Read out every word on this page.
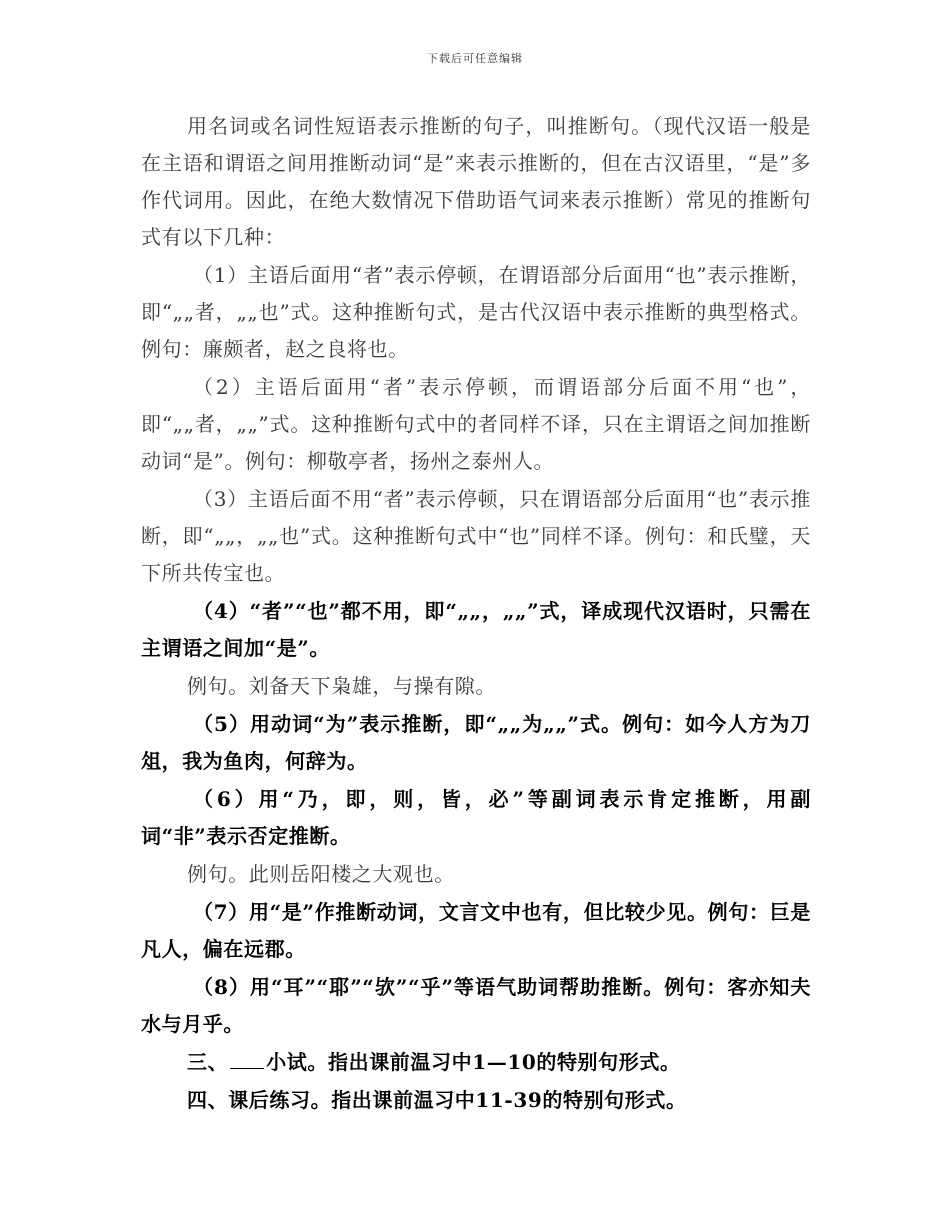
下载后可任意编辑

用名词或名词性短语表示推断的句子，叫推断句。（现代汉语一般是在主语和谓语之间用推断动词“是”来表示推断的，但在古汉语里，“是”多作代词用。因此，在绝大数情况下借助语气词来表示推断）常见的推断句式有以下几种：

（1）主语后面用“者”表示停顿，在谓语部分后面用“也”表示推断，即“„„者，„„也”式。这种推断句式，是古代汉语中表示推断的典型格式。例句：廉颇者，赵之良将也。

（2）主语后面用“者”表示停顿，而谓语部分后面不用“也”，即“„„者，„„”式。这种推断句式中的者同样不译，只在主谓语之间加推断动词“是”。例句：柳敬亭者，扬州之泰州人。

（3）主语后面不用“者”表示停顿，只在谓语部分后面用“也”表示推断，即“„„，„„也”式。这种推断句式中“也”同样不译。例句：和氏璧，天下所共传宝也。

（4）“者”“也”都不用，即“„„，„„”式，译成现代汉语时，只需在主谓语之间加“是”。

例句。刘备天下枭雄，与操有隙。

（5）用动词“为”表示推断，即“„„为„„”式。例句：如今人方为刀俎，我为鱼肉，何辞为。

（6）用“乃，即，则，皆，必”等副词表示肯定推断，用副词“非”表示否定推断。

例句。此则岳阳楼之大观也。

（7）用“是”作推断动词，文言文中也有，但比较少见。例句：巨是凡人，偏在远郡。

（8）用“耳”“耶”“欤”“乎”等语气助词帮助推断。例句：客亦知夫水与月乎。

三、 小试。指出课前温习中1—10的特别句形式。

四、课后练习。指出课前温习中11-39的特别句形式。
